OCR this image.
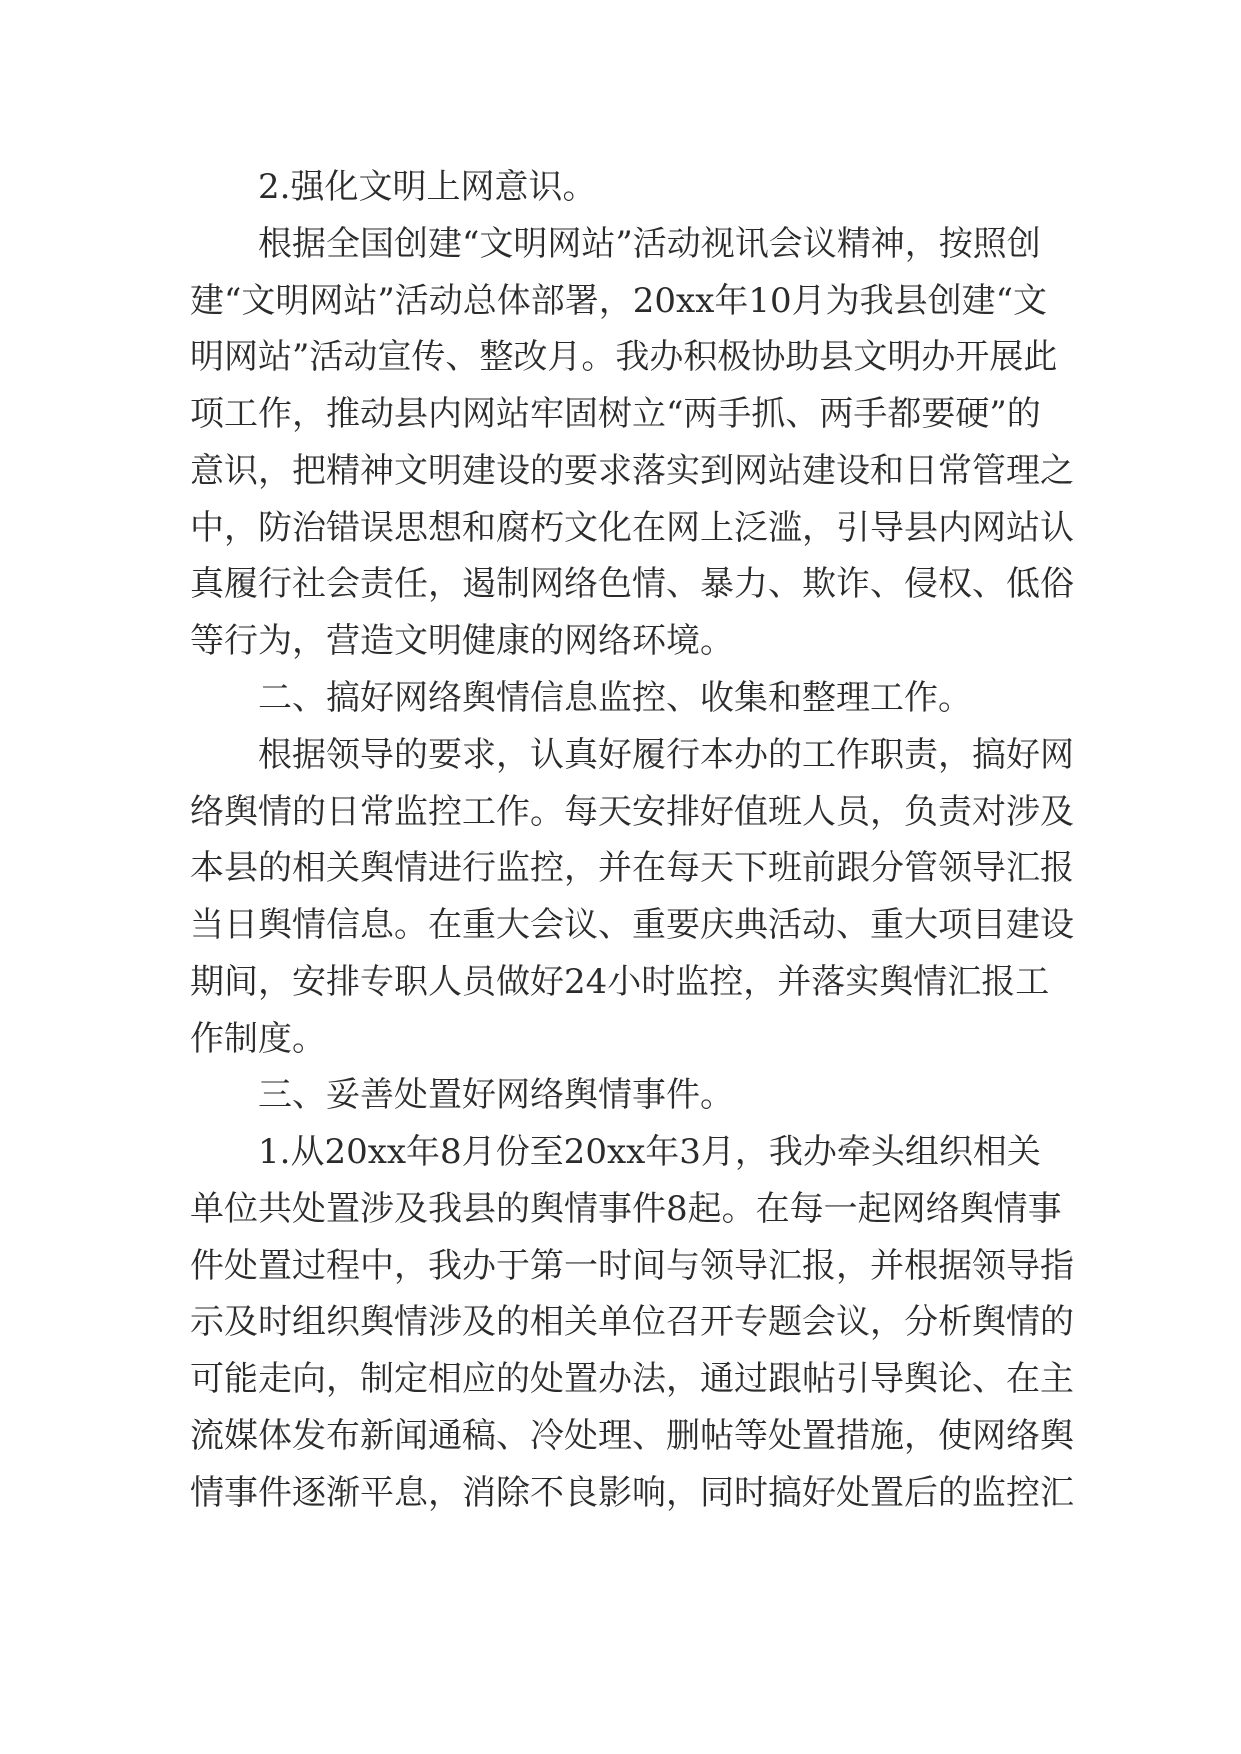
2.强化文明上网意识。
根据全国创建“文明网站”活动视讯会议精神，按照创
建“文明网站”活动总体部署，20xx年10月为我县创建“文
明网站”活动宣传、整改月。我办积极协助县文明办开展此
项工作，推动县内网站牢固树立“两手抓、两手都要硬”的
意识，把精神文明建设的要求落实到网站建设和日常管理之
中，防治错误思想和腐朽文化在网上泛滥，引导县内网站认
真履行社会责任，遏制网络色情、暴力、欺诈、侵权、低俗
等行为，营造文明健康的网络环境。
二、搞好网络舆情信息监控、收集和整理工作。
根据领导的要求，认真好履行本办的工作职责，搞好网
络舆情的日常监控工作。每天安排好值班人员，负责对涉及
本县的相关舆情进行监控，并在每天下班前跟分管领导汇报
当日舆情信息。在重大会议、重要庆典活动、重大项目建设
期间，安排专职人员做好24小时监控，并落实舆情汇报工
作制度。
三、妥善处置好网络舆情事件。
1.从20xx年8月份至20xx年3月，我办牵头组织相关
单位共处置涉及我县的舆情事件8起。在每一起网络舆情事
件处置过程中，我办于第一时间与领导汇报，并根据领导指
示及时组织舆情涉及的相关单位召开专题会议，分析舆情的
可能走向，制定相应的处置办法，通过跟帖引导舆论、在主
流媒体发布新闻通稿、冷处理、删帖等处置措施，使网络舆
情事件逐渐平息，消除不良影响，同时搞好处置后的监控汇
